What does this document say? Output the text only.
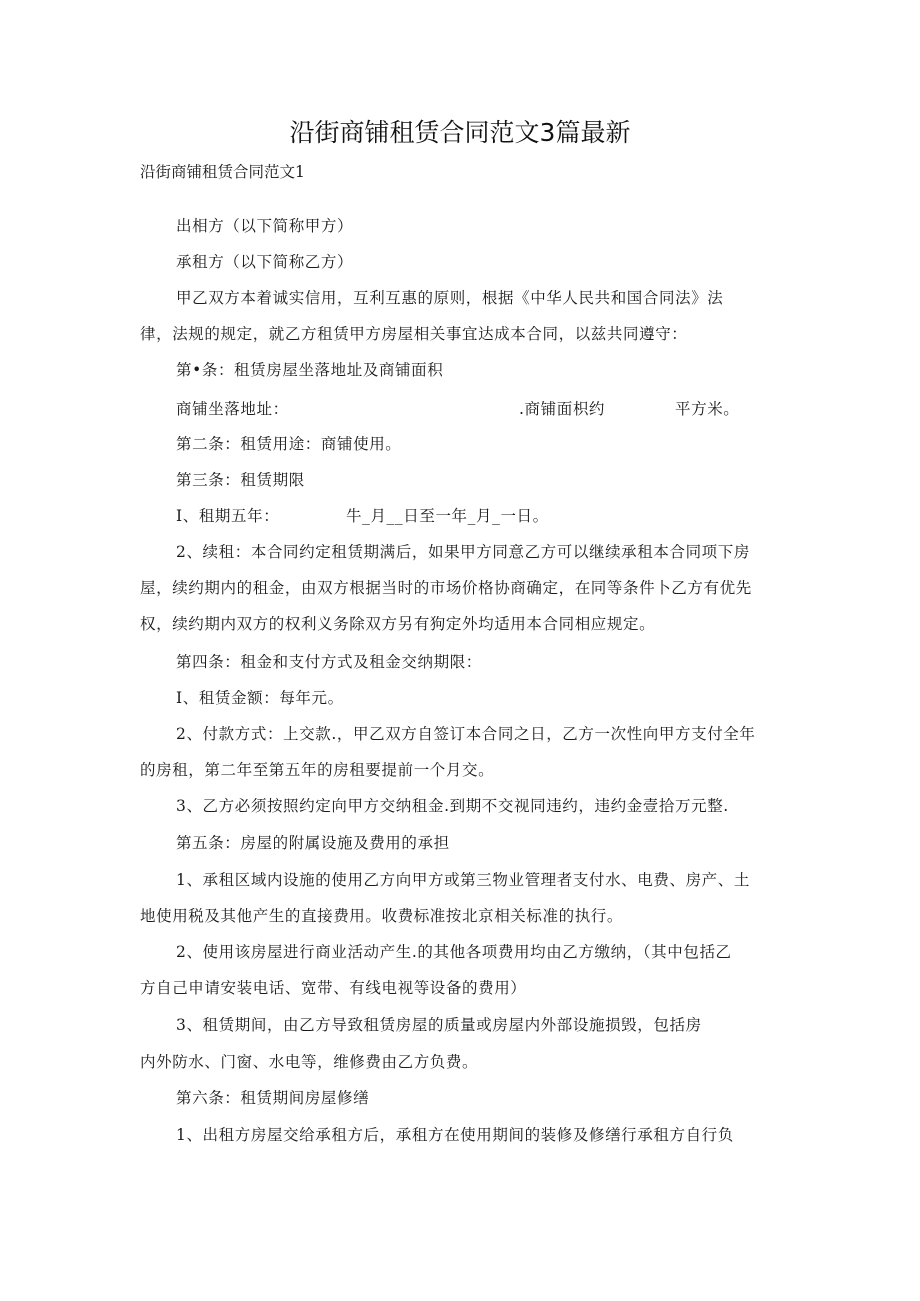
沿街商铺租赁合同范文3篇最新
沿街商铺租赁合同范文1
出相方（以下简称甲方）
承租方（以下简称乙方）
甲乙双方本着诚实信用，互利互惠的原则，根据《中华人民共和国合同法》法
律，法规的规定，就乙方租赁甲方房屋相关事宜达成本合同，以兹共同遵守：
第•条：租赁房屋坐落地址及商铺面积
商铺坐落地址：	.商铺面枳约	平方米。
第二条：租赁用途：商铺使用。
第三条：租赁期限
I、租期五年：	牛_月__日至一年_月_一日。
2、续租：本合同约定租赁期满后，如果甲方同意乙方可以继续承租本合同项下房
屋，续约期内的租金，由双方根据当时的市场价格协商确定，在同等条件卜乙方有优先
权，续约期内双方的权利义务除双方另有狗定外均适用本合同相应规定。
第四条：租金和支付方式及租金交纳期限：
I、租赁金额：每年元。
2、付款方式：上交款.，甲乙双方自签订本合同之日，乙方一次性向甲方支付全年
的房租，第二年至第五年的房租要提前一个月交。
3、乙方必须按照约定向甲方交纳租金.到期不交视同违约，违约金壹拾万元整.
第五条：房屋的附属设施及费用的承担
1、承租区域内设施的使用乙方向甲方或第三物业管理者支付水、电费、房产、土
地使用税及其他产生的直接费用。收费标准按北京相关标准的执行。
2、使用该房屋进行商业活动产生.的其他各项费用均由乙方缴纳，（其中包括乙
方自己申请安装电话、宽带、有线电视等设备的费用）
3、租赁期间，由乙方导致租赁房屋的质量或房屋内外部设施损毁，包括房
内外防水、门窗、水电等，维修费由乙方负费。
第六条：租赁期间房屋修缮
1、出租方房屋交给承租方后，承租方在使用期间的装修及修缮行承租方自行负
